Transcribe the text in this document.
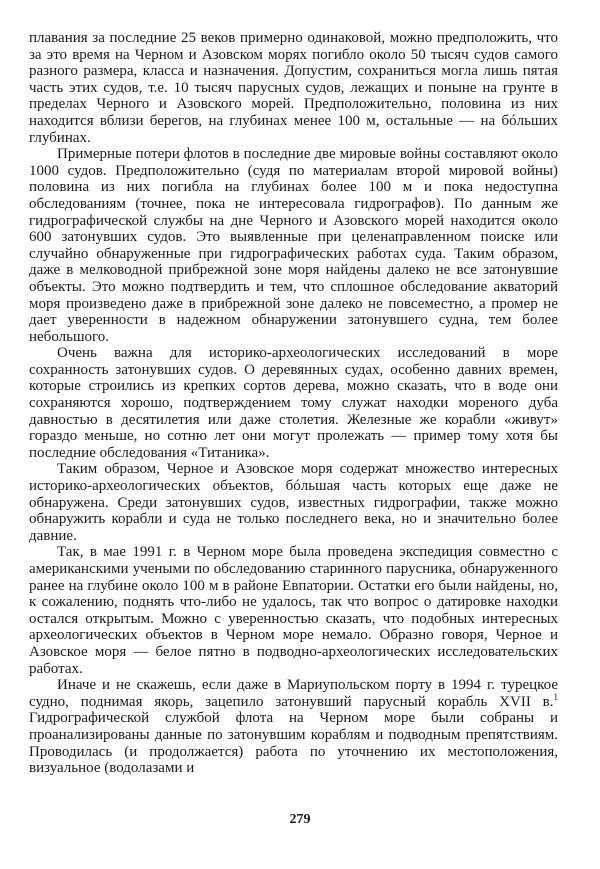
плавания за последние 25 веков примерно одинаковой, можно предположить, что за это время на Черном и Азовском морях погибло около 50 тысяч судов самого разного размера, класса и назначения. Допустим, сохраниться могла лишь пятая часть этих судов, т.е. 10 тысяч парусных судов, лежащих и поныне на грунте в пределах Черного и Азовского морей. Предположительно, половина из них находится вблизи берегов, на глубинах менее 100 м, остальные — на бóльших глубинах.

Примерные потери флотов в последние две мировые войны составляют около 1000 судов. Предположительно (судя по материалам второй мировой войны) половина из них погибла на глубинах более 100 м и пока недоступна обследованиям (точнее, пока не интересовала гидрографов). По данным же гидрографической службы на дне Черного и Азовского морей находится около 600 затонувших судов. Это выявленные при целенаправленном поиске или случайно обнаруженные при гидрографических работах суда. Таким образом, даже в мелководной прибрежной зоне моря найдены далеко не все затонувшие объекты. Это можно подтвердить и тем, что сплошное обследование акваторий моря произведено даже в прибрежной зоне далеко не повсеместно, а промер не дает уверенности в надежном обнаружении затонувшего судна, тем более небольшого.

Очень важна для историко-археологических исследований в море сохранность затонувших судов. О деревянных судах, особенно давних времен, которые строились из крепких сортов дерева, можно сказать, что в воде они сохраняются хорошо, подтверждением тому служат находки мореного дуба давностью в десятилетия или даже столетия. Железные же корабли «живут» гораздо меньше, но сотню лет они могут пролежать — пример тому хотя бы последние обследования «Титаника».

Таким образом, Черное и Азовское моря содержат множество интересных историко-археологических объектов, бóльшая часть которых еще даже не обнаружена. Среди затонувших судов, известных гидрографии, также можно обнаружить корабли и суда не только последнего века, но и значительно более давние.

Так, в мае 1991 г. в Черном море была проведена экспедиция совместно с американскими учеными по обследованию старинного парусника, обнаруженного ранее на глубине около 100 м в районе Евпатории. Остатки его были найдены, но, к сожалению, поднять что-либо не удалось, так что вопрос о датировке находки остался открытым. Можно с уверенностью сказать, что подобных интересных археологических объектов в Черном море немало. Образно говоря, Черное и Азовское моря — белое пятно в подводно-археологических исследовательских работах.

Иначе и не скажешь, если даже в Мариупольском порту в 1994 г. турецкое судно, поднимая якорь, зацепило затонувший парусный корабль XVII в.$^1$ Гидрографической службой флота на Черном море были собраны и проанализированы данные по затонувшим кораблям и подводным препятствиям. Проводилась (и продолжается) работа по уточнению их местоположения, визуальное (водолазами и

279
